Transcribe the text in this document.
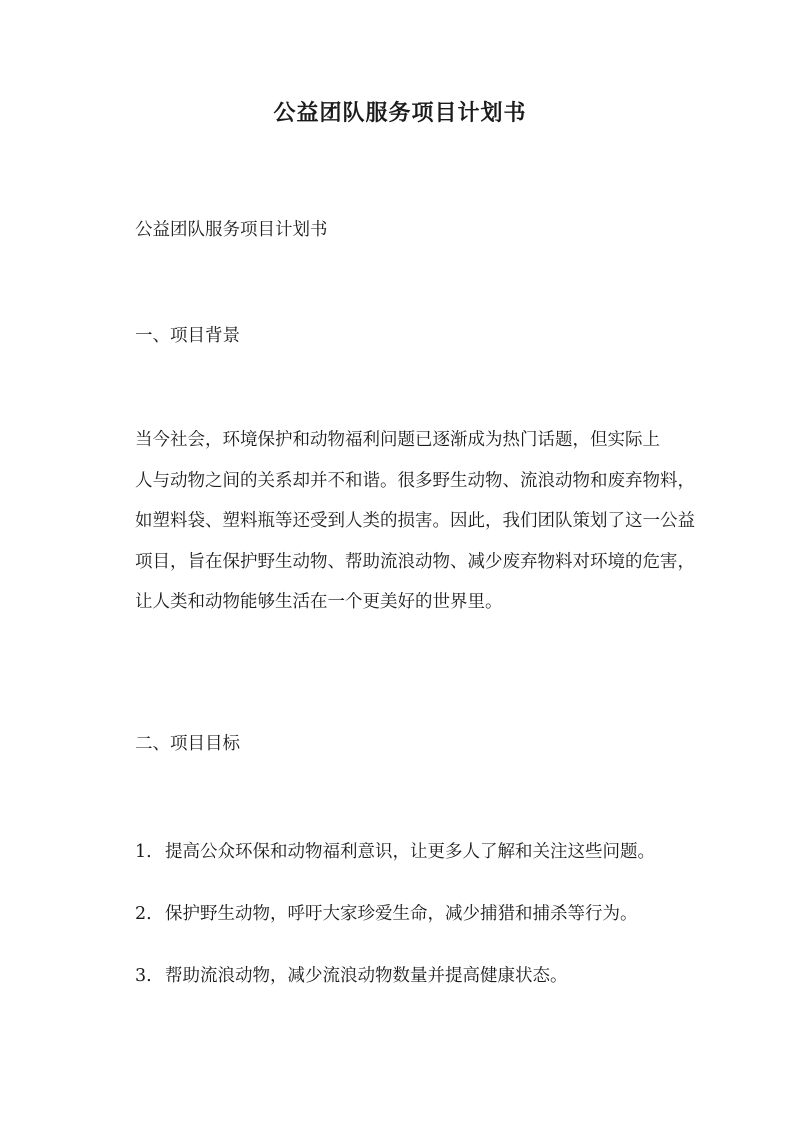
公益团队服务项目计划书
公益团队服务项目计划书
一、项目背景
当今社会，环境保护和动物福利问题已逐渐成为热门话题，但实际上
人与动物之间的关系却并不和谐。很多野生动物、流浪动物和废弃物料，
如塑料袋、塑料瓶等还受到人类的损害。因此，我们团队策划了这一公益
项目，旨在保护野生动物、帮助流浪动物、减少废弃物料对环境的危害，
让人类和动物能够生活在一个更美好的世界里。
二、项目目标
1. 提高公众环保和动物福利意识，让更多人了解和关注这些问题。
2. 保护野生动物，呼吁大家珍爱生命，减少捕猎和捕杀等行为。
3. 帮助流浪动物，减少流浪动物数量并提高健康状态。
